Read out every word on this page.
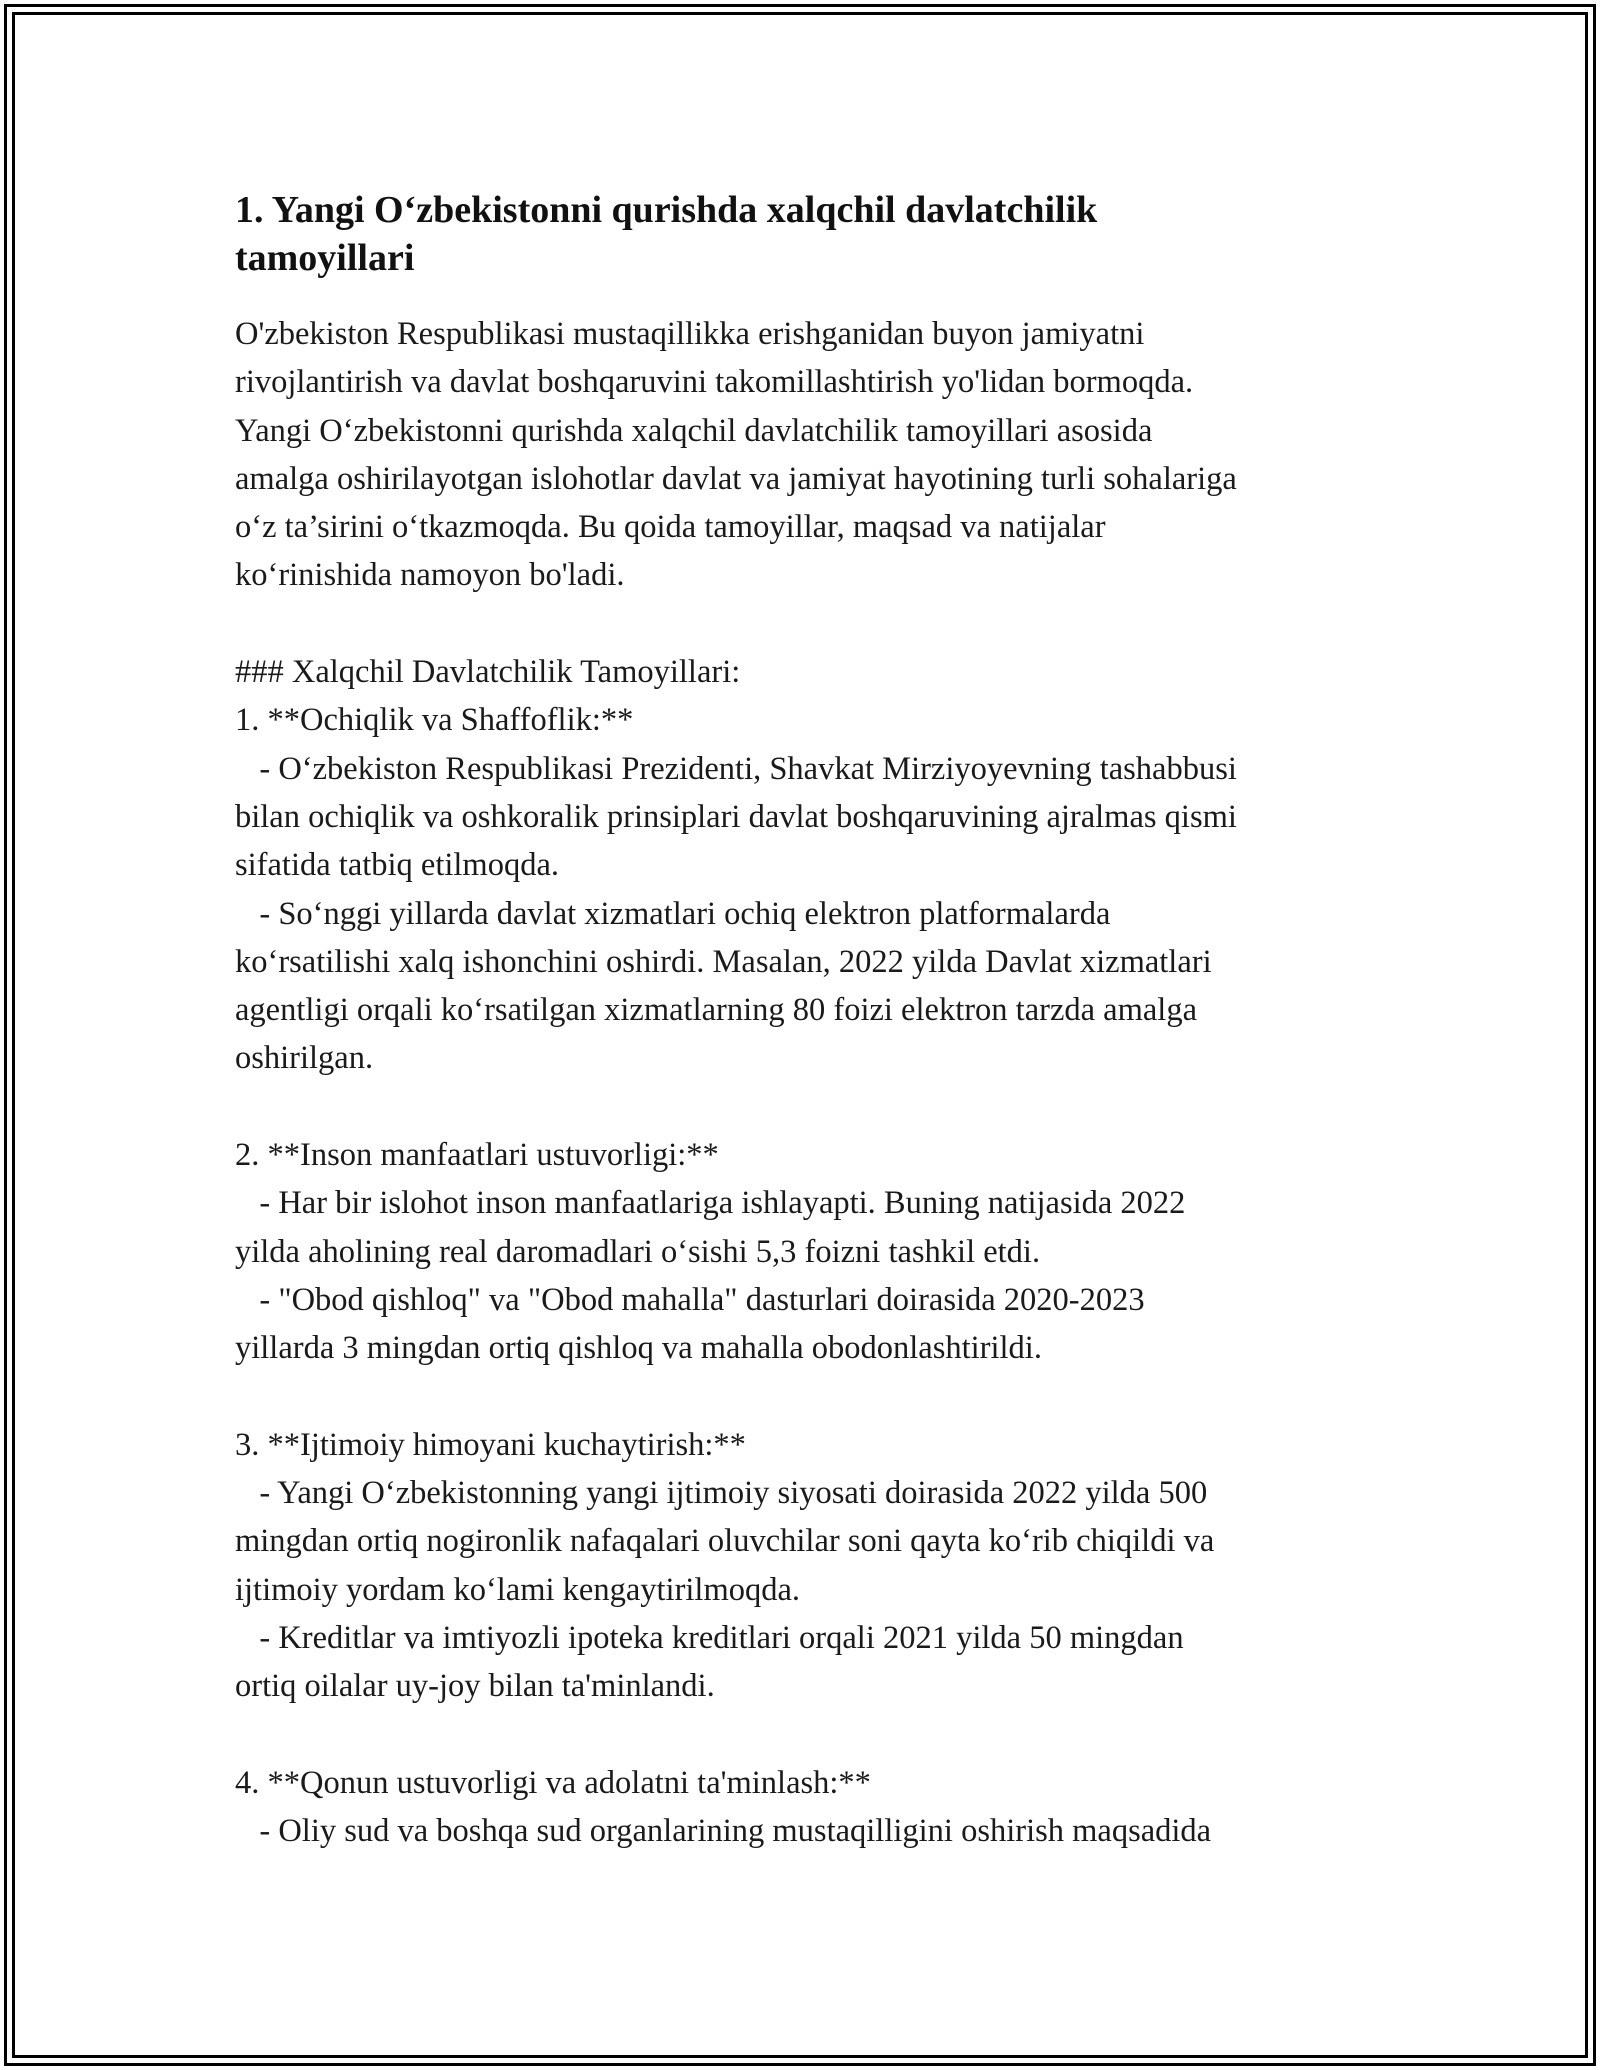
1. Yangi O‘zbekistonni qurishda xalqchil davlatchilik
tamoyillari
O'zbekiston Respublikasi mustaqillikka erishganidan buyon jamiyatni
rivojlantirish va davlat boshqaruvini takomillashtirish yo'lidan bormoqda.
Yangi O‘zbekistonni qurishda xalqchil davlatchilik tamoyillari asosida
amalga oshirilayotgan islohotlar davlat va jamiyat hayotining turli sohalariga
o‘z ta’sirini o‘tkazmoqda. Bu qoida tamoyillar, maqsad va natijalar
ko‘rinishida namoyon bo'ladi.
### Xalqchil Davlatchilik Tamoyillari:
1. **Ochiqlik va Shaffoflik:**
- O‘zbekiston Respublikasi Prezidenti, Shavkat Mirziyoyevning tashabbusi
bilan ochiqlik va oshkoralik prinsiplari davlat boshqaruvining ajralmas qismi
sifatida tatbiq etilmoqda.
- So‘nggi yillarda davlat xizmatlari ochiq elektron platformalarda
ko‘rsatilishi xalq ishonchini oshirdi. Masalan, 2022 yilda Davlat xizmatlari
agentligi orqali ko‘rsatilgan xizmatlarning 80 foizi elektron tarzda amalga
oshirilgan.
2. **Inson manfaatlari ustuvorligi:**
- Har bir islohot inson manfaatlariga ishlayapti. Buning natijasida 2022
yilda aholining real daromadlari o‘sishi 5,3 foizni tashkil etdi.
- "Obod qishloq" va "Obod mahalla" dasturlari doirasida 2020-2023
yillarda 3 mingdan ortiq qishloq va mahalla obodonlashtirildi.
3. **Ijtimoiy himoyani kuchaytirish:**
- Yangi O‘zbekistonning yangi ijtimoiy siyosati doirasida 2022 yilda 500
mingdan ortiq nogironlik nafaqalari oluvchilar soni qayta ko‘rib chiqildi va
ijtimoiy yordam ko‘lami kengaytirilmoqda.
- Kreditlar va imtiyozli ipoteka kreditlari orqali 2021 yilda 50 mingdan
ortiq oilalar uy-joy bilan ta'minlandi.
4. **Qonun ustuvorligi va adolatni ta'minlash:**
- Oliy sud va boshqa sud organlarining mustaqilligini oshirish maqsadida
